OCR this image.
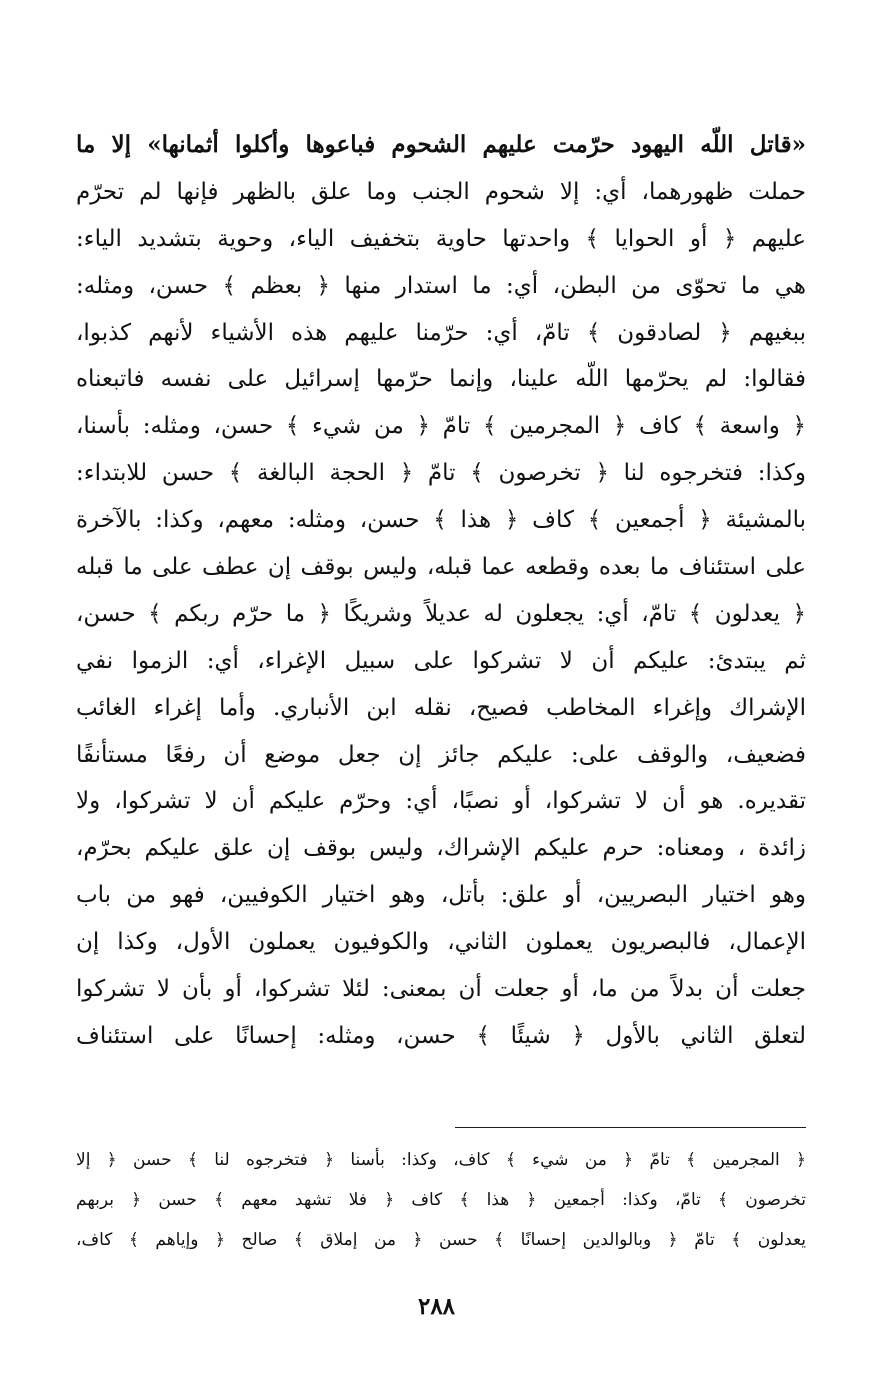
«قاتل اللّه اليهود حرّمت عليهم الشحوم فباعوها وأكلوا أثمانها» إلا ما
حملت ظهورهما، أي: إلا شحوم الجنب وما علق بالظهر فإنها لم تحرّم
عليهم ﴿ أو الحوايا ﴾ واحدتها حاوية بتخفيف الياء، وحوية بتشديد الياء:
هي ما تحوّى من البطن، أي: ما استدار منها ﴿ بعظم ﴾ حسن، ومثله:
ببغيهم ﴿ لصادقون ﴾ تامّ، أي: حرّمنا عليهم هذه الأشياء لأنهم كذبوا،
فقالوا: لم يحرّمها اللّه علينا، وإنما حرّمها إسرائيل على نفسه فاتبعناه
﴿ واسعة ﴾ كاف ﴿ المجرمين ﴾ تامّ ﴿ من شيء ﴾ حسن، ومثله: بأسنا،
وكذا: فتخرجوه لنا ﴿ تخرصون ﴾ تامّ ﴿ الحجة البالغة ﴾ حسن للابتداء:
بالمشيئة ﴿ أجمعين ﴾ كاف ﴿ هذا ﴾ حسن، ومثله: معهم، وكذا: بالآخرة
على استئناف ما بعده وقطعه عما قبله، وليس بوقف إن عطف على ما قبله
﴿ يعدلون ﴾ تامّ، أي: يجعلون له عديلاً وشريكًا ﴿ ما حرّم ربكم ﴾ حسن،
ثم يبتدئ: عليكم أن لا تشركوا على سبيل الإغراء، أي: الزموا نفي
الإشراك وإغراء المخاطب فصيح، نقله ابن الأنباري. وأما إغراء الغائب
فضعيف، والوقف على: عليكم جائز إن جعل موضع أن رفعًا مستأنفًا
تقديره. هو أن لا تشركوا، أو نصبًا، أي: وحرّم عليكم أن لا تشركوا، ولا
زائدة ، ومعناه: حرم عليكم الإشراك، وليس بوقف إن علق عليكم بحرّم،
وهو اختيار البصريين، أو علق: بأتل، وهو اختيار الكوفيين، فهو من باب
الإعمال، فالبصريون يعملون الثاني، والكوفيون يعملون الأول، وكذا إن
جعلت أن بدلاً من ما، أو جعلت أن بمعنى: لئلا تشركوا، أو بأن لا تشركوا
لتعلق الثاني بالأول ﴿ شيئًا ﴾ حسن، ومثله: إحسانًا على استئناف
﴿ المجرمين ﴾ تامّ ﴿ من شيء ﴾ كاف، وكذا: بأسنا ﴿ فتخرجوه لنا ﴾ حسن ﴿ إلا
تخرصون ﴾ تامّ، وكذا: أجمعين ﴿ هذا ﴾ كاف ﴿ فلا تشهد معهم ﴾ حسن ﴿ بربهم
يعدلون ﴾ تامّ ﴿ وبالوالدين إحسانًا ﴾ حسن ﴿ من إملاق ﴾ صالح ﴿ وإياهم ﴾ كاف،
٢٨٨
